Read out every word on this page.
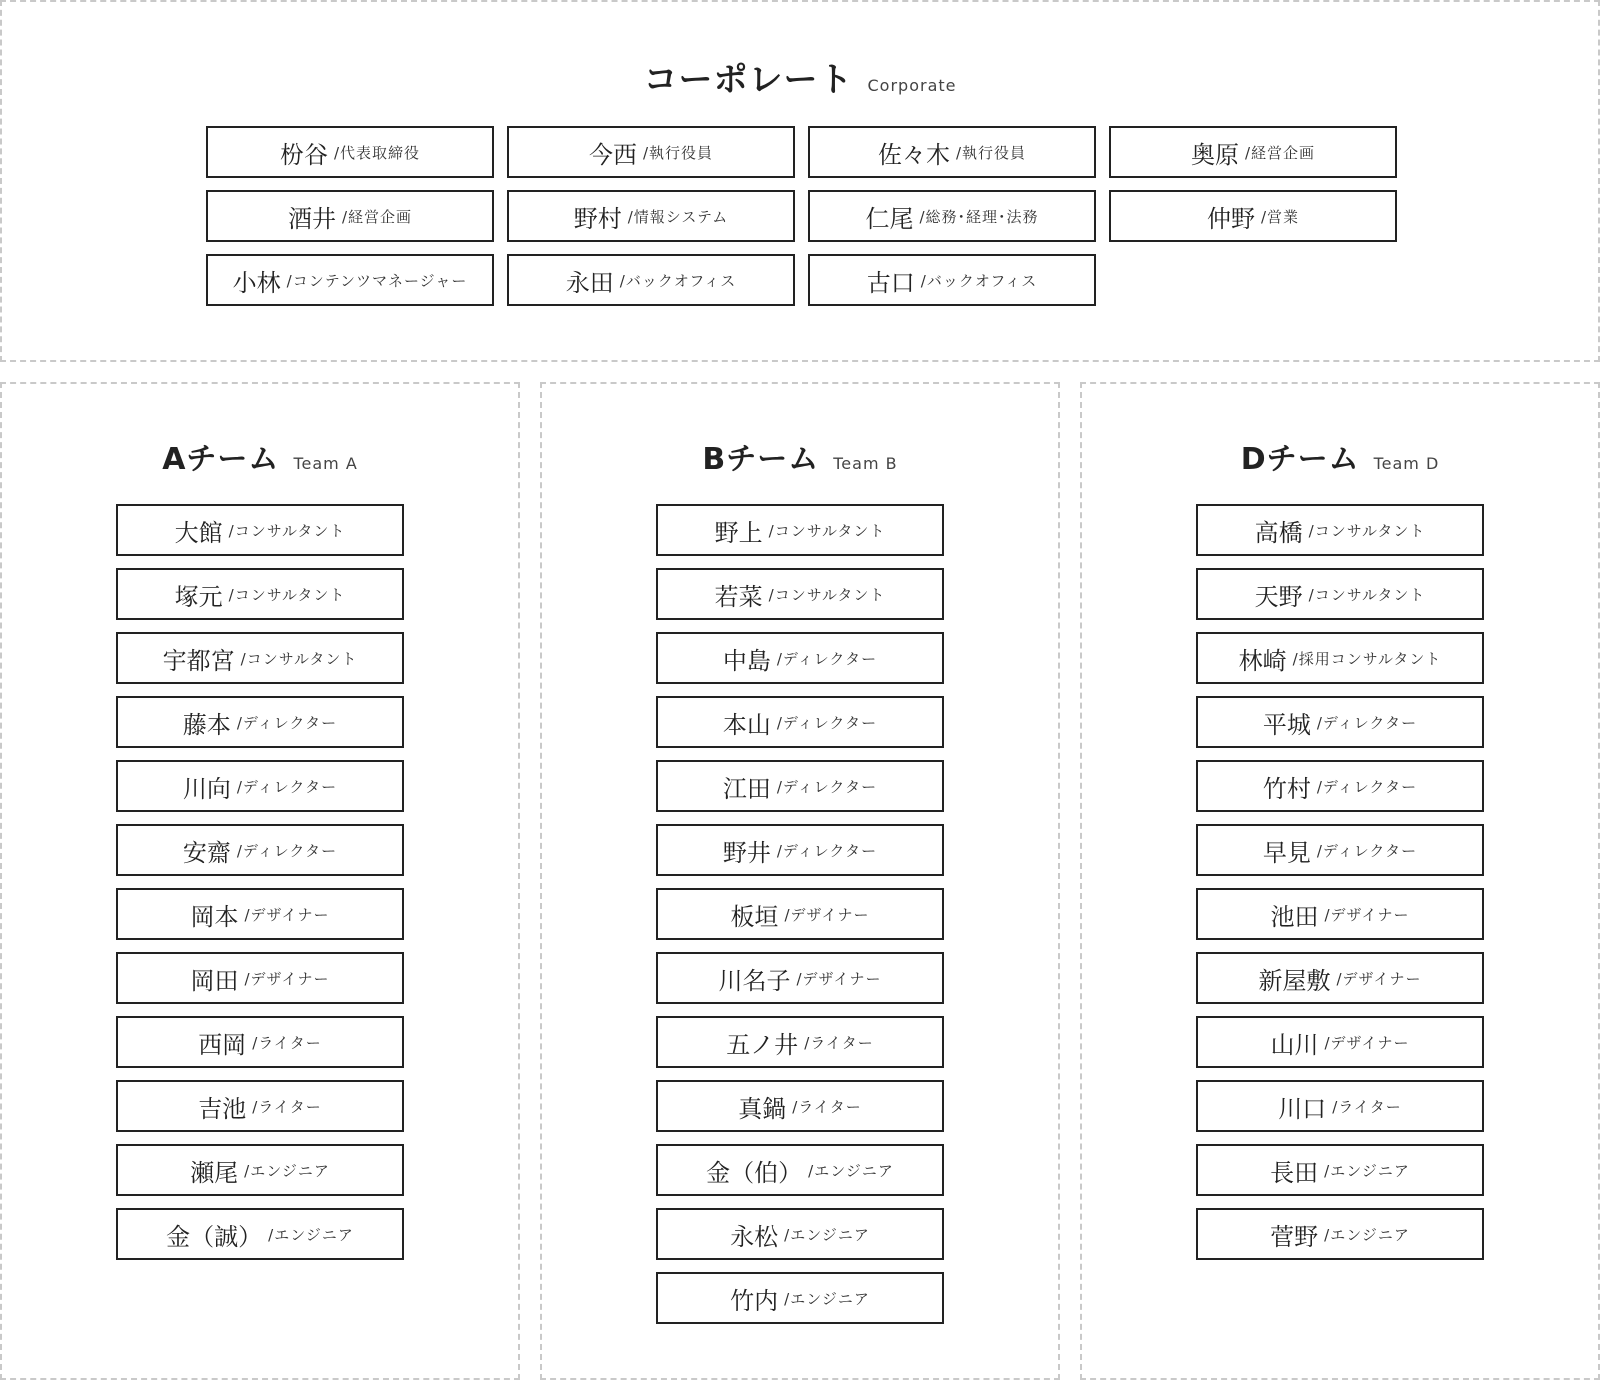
コーポレート Corporate
枌谷 /代表取締役	今西 /執行役員	佐々木 /執行役員	奥原 /経営企画
酒井 /経営企画	野村 /情報システム	仁尾 /総務･経理･法務	仲野 /営業
小林 /コンテンツマネージャー	永田 /バックオフィス	古口 /バックオフィス
Aチーム Team A
大館 /コンサルタント
塚元 /コンサルタント
宇都宮 /コンサルタント
藤本 /ディレクター
川向 /ディレクター
安齋 /ディレクター
岡本 /デザイナー
岡田 /デザイナー
西岡 /ライター
吉池 /ライター
瀬尾 /エンジニア
金（誠） /エンジニア
Bチーム Team B
野上 /コンサルタント
若菜 /コンサルタント
中島 /ディレクター
本山 /ディレクター
江田 /ディレクター
野井 /ディレクター
板垣 /デザイナー
川名子 /デザイナー
五ノ井 /ライター
真鍋 /ライター
金（伯） /エンジニア
永松 /エンジニア
竹内 /エンジニア
Dチーム Team D
高橋 /コンサルタント
天野 /コンサルタント
林崎 /採用コンサルタント
平城 /ディレクター
竹村 /ディレクター
早見 /ディレクター
池田 /デザイナー
新屋敷 /デザイナー
山川 /デザイナー
川口 /ライター
長田 /エンジニア
菅野 /エンジニア
